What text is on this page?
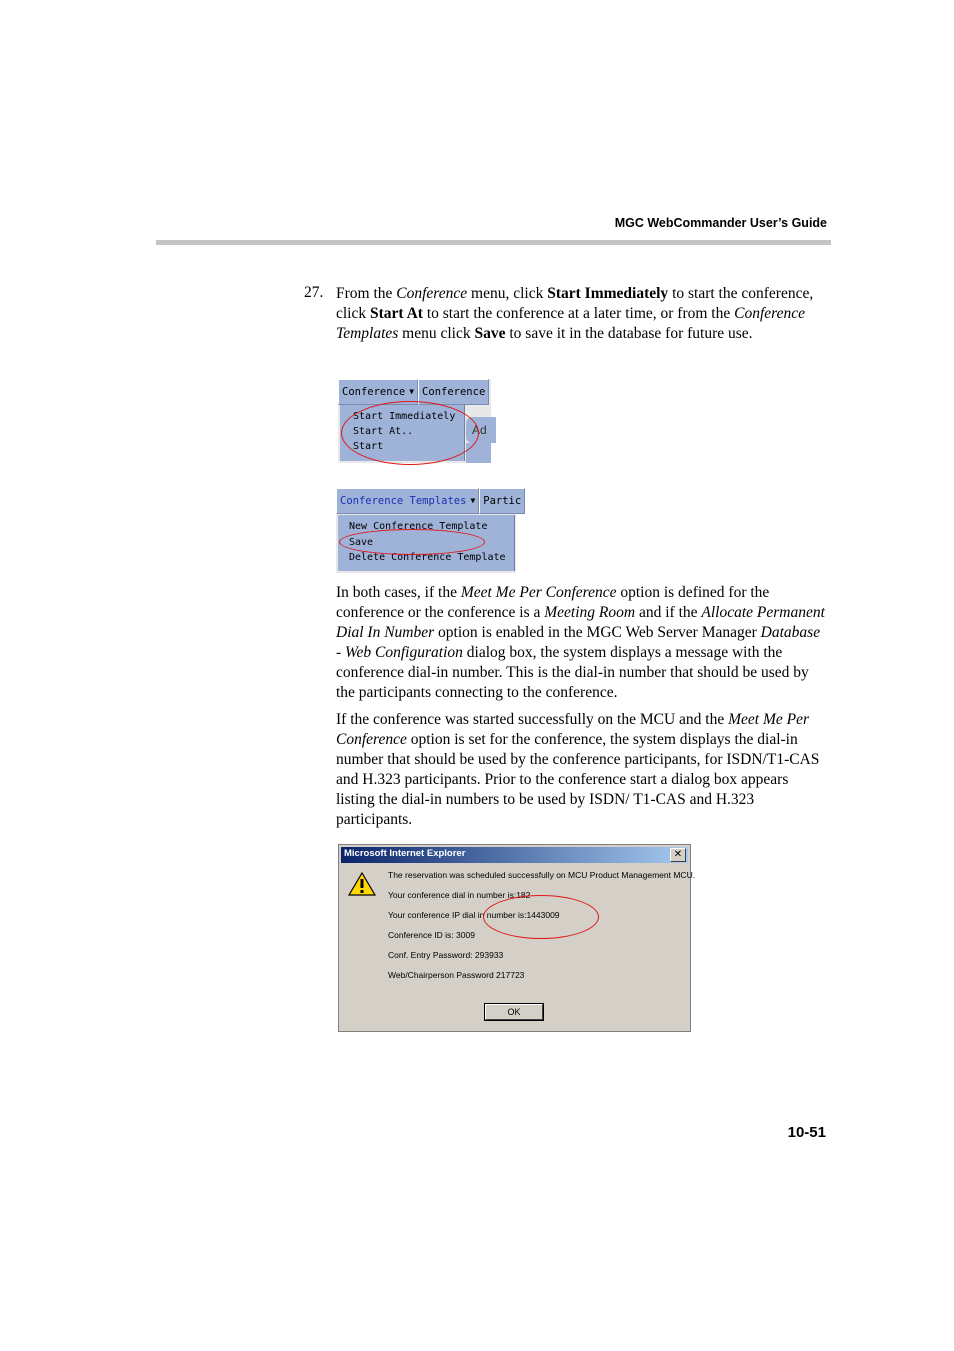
MGC WebCommander User’s Guide
27. From the Conference menu, click Start Immediately to start the conference, click Start At to start the conference at a later time, or from the Conference Templates menu click Save to save it in the database for future use.

Conference ▼ Conference
Start Immediately
Start At..
Start
Ad
Conference Templates ▼ Partic
New Conference Template
Save
Delete Conference Template

In both cases, if the Meet Me Per Conference option is defined for the conference or the conference is a Meeting Room and if the Allocate Permanent Dial In Number option is enabled in the MGC Web Server Manager Database - Web Configuration dialog box, the system displays a message with the conference dial-in number. This is the dial-in number that should be used by the participants connecting to the conference.

If the conference was started successfully on the MCU and the Meet Me Per Conference option is set for the conference, the system displays the dial-in number that should be used by the conference participants, for ISDN/T1-CAS and H.323 participants. Prior to the conference start a dialog box appears listing the dial-in numbers to be used by ISDN/ T1-CAS and H.323 participants.

Microsoft Internet Explorer	✕
The reservation was scheduled successfully on MCU Product Management MCU.
Your conference dial in number is:182
Your conference IP dial in number is:1443009
Conference ID is: 3009
Conf. Entry Password: 293933
Web/Chairperson Password 217723
OK
10-51
